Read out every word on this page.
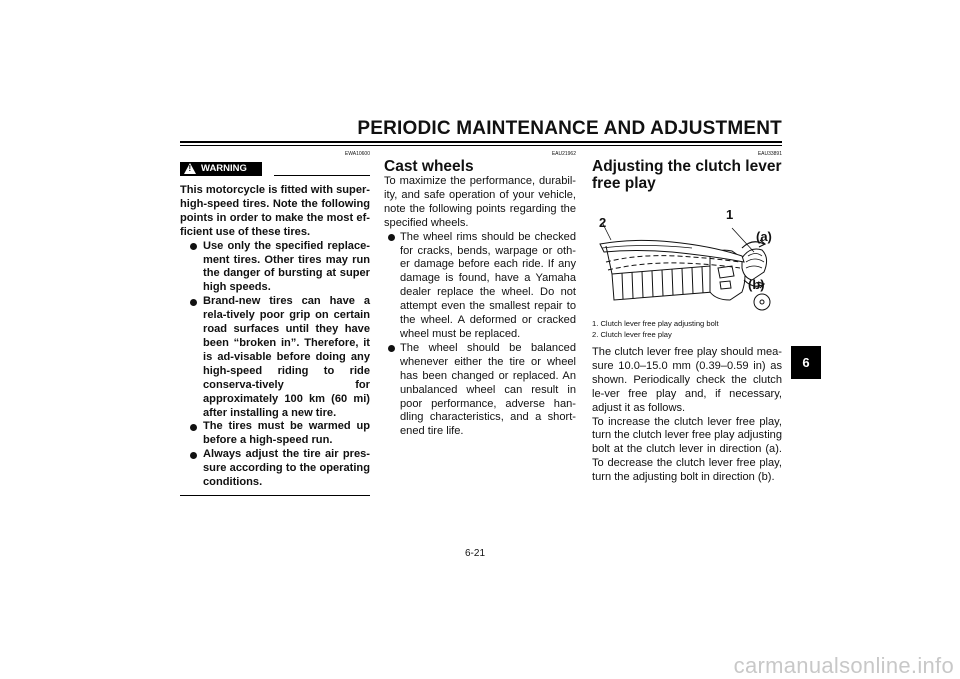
PERIODIC MAINTENANCE AND ADJUSTMENT
EWA10600
! WARNING
This motorcycle is fitted with super-high-speed tires. Note the following points in order to make the most ef-ficient use of these tires.
Use only the specified replace-ment tires. Other tires may run the danger of bursting at super high speeds.
Brand-new tires can have a rela-tively poor grip on certain road surfaces until they have been “broken in”. Therefore, it is ad-visable before doing any high-speed riding to ride conserva-tively for approximately 100 km (60 mi) after installing a new tire.
The tires must be warmed up before a high-speed run.
Always adjust the tire air pres-sure according to the operating conditions.
EAU21962
Cast wheels
To maximize the performance, durabil-ity, and safe operation of your vehicle, note the following points regarding the specified wheels.
The wheel rims should be checked for cracks, bends, warpage or oth-er damage before each ride. If any damage is found, have a Yamaha dealer replace the wheel. Do not attempt even the smallest repair to the wheel. A deformed or cracked wheel must be replaced.
The wheel should be balanced whenever either the tire or wheel has been changed or replaced. An unbalanced wheel can result in poor performance, adverse han-dling characteristics, and a short-ened tire life.
EAU33891
Adjusting the clutch lever free play
2
1
(a)
(b)
1. Clutch lever free play adjusting bolt
2. Clutch lever free play
The clutch lever free play should mea-sure 10.0–15.0 mm (0.39–0.59 in) as shown. Periodically check the clutch le-ver free play and, if necessary, adjust it as follows.
To increase the clutch lever free play, turn the clutch lever free play adjusting bolt at the clutch lever in direction (a). To decrease the clutch lever free play, turn the adjusting bolt in direction (b).
6
6-21
carmanualsonline.info
